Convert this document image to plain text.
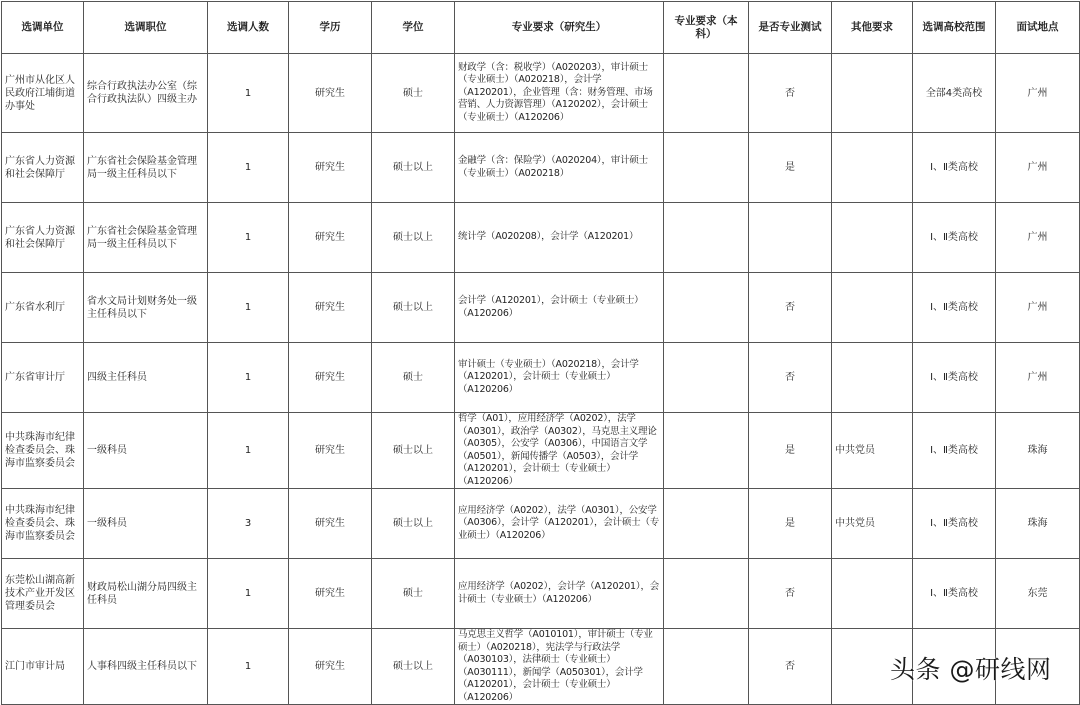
选调单位	选调职位	选调人数	学历	学位	专业要求（研究生）	专业要求（本科）	是否专业测试	其他要求	选调高校范围	面试地点
广州市从化区人民政府江埔街道办事处	综合行政执法办公室（综合行政执法队）四级主办	1	研究生	硕士	财政学（含：税收学）（A020203），审计硕士（专业硕士）（A020218），会计学（A120201），企业管理（含：财务管理、市场营销、人力资源管理）（A120202），会计硕士（专业硕士）（A120206）		否		全部4类高校	广州
广东省人力资源和社会保障厅	广东省社会保险基金管理局一级主任科员以下	1	研究生	硕士以上	金融学（含：保险学）（A020204），审计硕士（专业硕士）（A020218）		是		Ⅰ、Ⅱ类高校	广州
广东省人力资源和社会保障厅	广东省社会保险基金管理局一级主任科员以下	1	研究生	硕士以上	统计学（A020208），会计学（A120201）				Ⅰ、Ⅱ类高校	广州
广东省水利厅	省水文局计划财务处一级主任科员以下	1	研究生	硕士以上	会计学（A120201），会计硕士（专业硕士）（A120206）		否		Ⅰ、Ⅱ类高校	广州
广东省审计厅	四级主任科员	1	研究生	硕士	审计硕士（专业硕士）（A020218），会计学（A120201），会计硕士（专业硕士）（A120206）		否		Ⅰ、Ⅱ类高校	广州
中共珠海市纪律检查委员会、珠海市监察委员会	一级科员	1	研究生	硕士以上	哲学（A01），应用经济学（A0202），法学（A0301），政治学（A0302），马克思主义理论（A0305），公安学（A0306），中国语言文学（A0501），新闻传播学（A0503），会计学（A120201），会计硕士（专业硕士）（A120206）		是	中共党员	Ⅰ、Ⅱ类高校	珠海
中共珠海市纪律检查委员会、珠海市监察委员会	一级科员	3	研究生	硕士以上	应用经济学（A0202），法学（A0301），公安学（A0306），会计学（A120201），会计硕士（专业硕士）（A120206）		是	中共党员	Ⅰ、Ⅱ类高校	珠海
东莞松山湖高新技术产业开发区管理委员会	财政局松山湖分局四级主任科员	1	研究生	硕士	应用经济学（A0202），会计学（A120201），会计硕士（专业硕士）（A120206）		否		Ⅰ、Ⅱ类高校	东莞
江门市审计局	人事科四级主任科员以下	1	研究生	硕士以上	马克思主义哲学（A010101），审计硕士（专业硕士）（A020218），宪法学与行政法学（A030103），法律硕士（专业硕士）（A030111），新闻学（A050301），会计学（A120201），会计硕士（专业硕士）（A120206）		否				头条 @研线网
